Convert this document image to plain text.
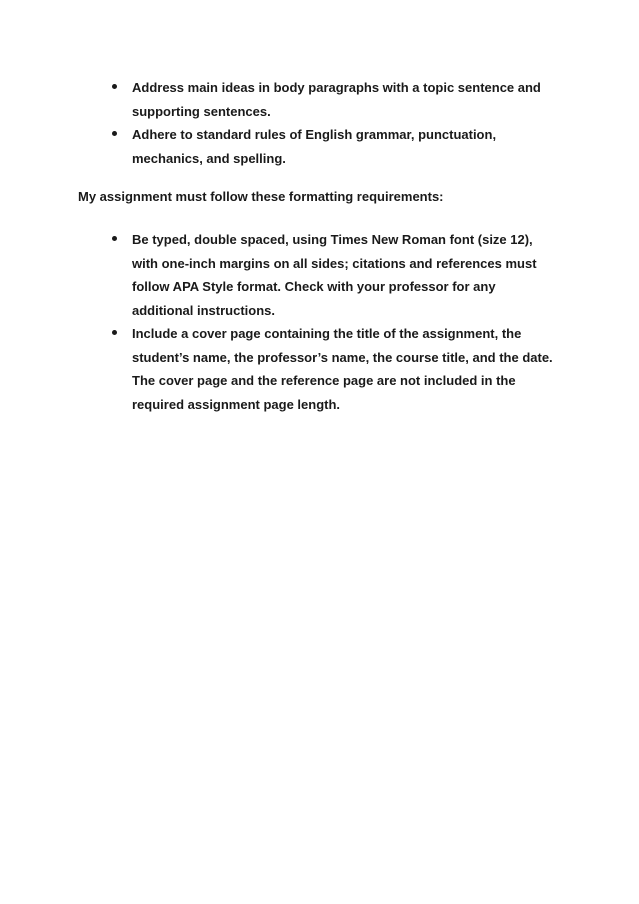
Address main ideas in body paragraphs with a topic sentence and supporting sentences.
Adhere to standard rules of English grammar, punctuation, mechanics, and spelling.

My assignment must follow these formatting requirements:

Be typed, double spaced, using Times New Roman font (size 12), with one-inch margins on all sides; citations and references must follow APA Style format. Check with your professor for any additional instructions.
Include a cover page containing the title of the assignment, the student’s name, the professor’s name, the course title, and the date. The cover page and the reference page are not included in the required assignment page length.
